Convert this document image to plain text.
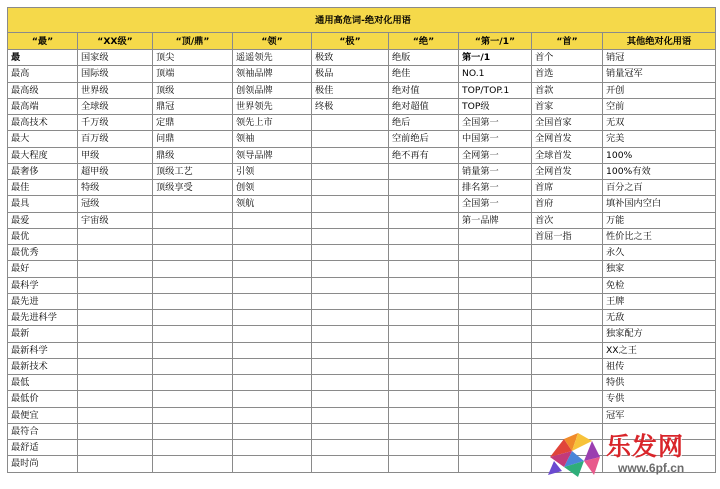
通用高危词-绝对化用语								
“最”	“XX级”	“顶/鼎”	“领”	“极”	“绝”	“第一/1”	“首”	其他绝对化用语
最	国家级	顶尖	遥遥领先	极致	绝版	第一/1	首个	销冠
最高	国际级	顶端	领袖品牌	极品	绝佳	NO.1	首选	销量冠军
最高级	世界级	顶级	创领品牌	极佳	绝对值	TOP/TOP.1	首款	开创
最高端	全球级	鼎冠	世界领先	终极	绝对超值	TOP级	首家	空前
最高技术	千万级	定鼎	领先上市		绝后	全国第一	全国首家	无双
最大	百万级	问鼎	领袖		空前绝后	中国第一	全网首发	完美
最大程度	甲级	鼎级	领导品牌		绝不再有	全网第一	全球首发	100%
最奢侈	超甲级	顶级工艺	引领			销量第一	全网首发	100%有效
最佳	特级	顶级享受	创领			排名第一	首席	百分之百
最具	冠级		领航			全国第一	首府	填补国内空白
最爱	宇宙级					第一品牌	首次	万能
最优							首屈一指	性价比之王
最优秀								永久
最好								独家
最科学								免检
最先进								王牌
最先进科学								无敌
最新								独家配方
最新科学								XX之王
最新技术								祖传
最低								特供
最低价								专供
最便宜								冠军
最符合								
最舒适								
最时尚								
乐发网
www.6pf.cn
